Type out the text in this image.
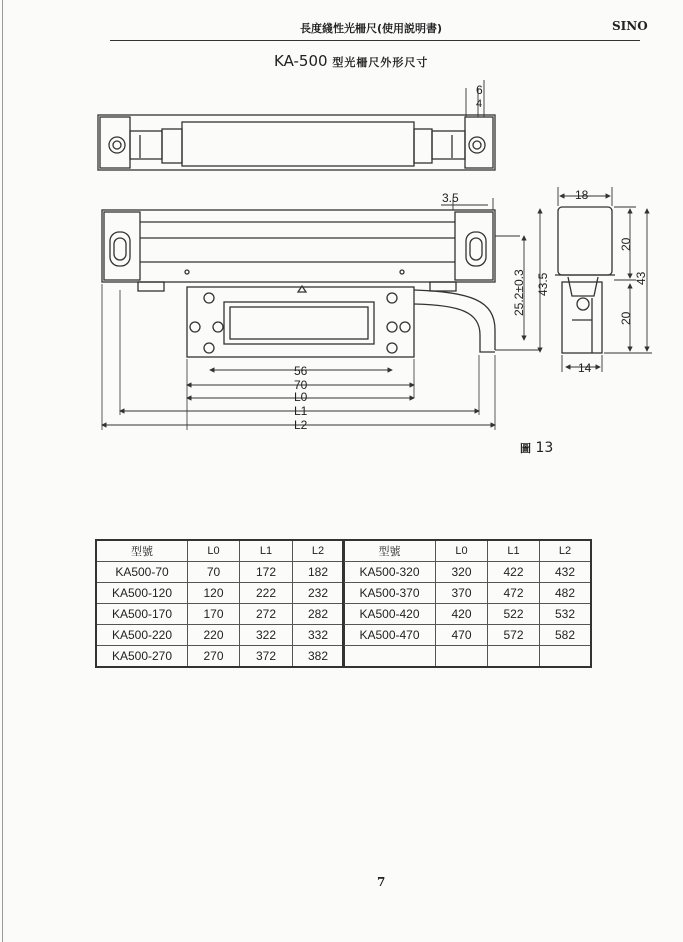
長度綫性光柵尺(使用説明書)	SINO
KA-500 型光柵尺外形尺寸
6
4
3.5
25.2±0.3 43.5
56
70
L0
L1
L2
18
20
43
20
14
圖 13
型號	L0	L1	L2
KA500-70	70	172	182
KA500-120	120	222	232
KA500-170	170	272	282
KA500-220	220	322	332
KA500-270	270	372	382
型號	L0	L1	L2
KA500-320	320	422	432
KA500-370	370	472	482
KA500-420	420	522	532
KA500-470	470	572	582

7
